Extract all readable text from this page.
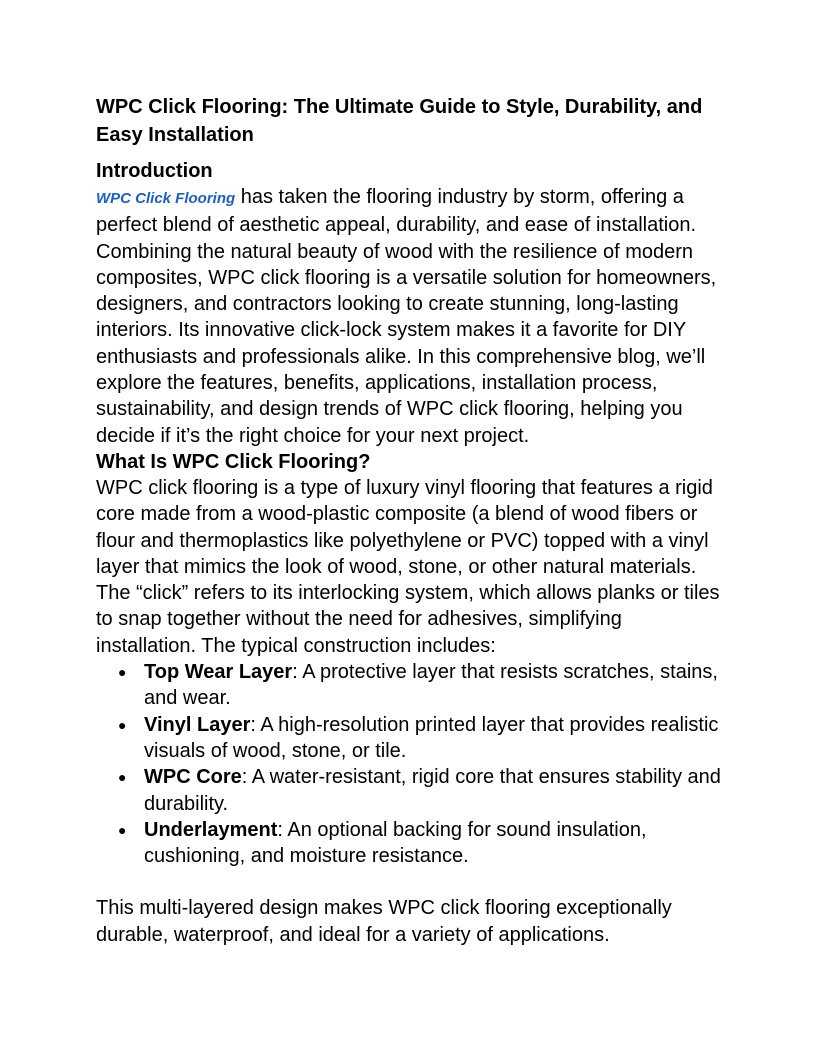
WPC Click Flooring: The Ultimate Guide to Style, Durability, and Easy Installation
Introduction

WPC Click Flooring has taken the flooring industry by storm, offering a perfect blend of aesthetic appeal, durability, and ease of installation. Combining the natural beauty of wood with the resilience of modern composites, WPC click flooring is a versatile solution for homeowners, designers, and contractors looking to create stunning, long-lasting interiors. Its innovative click-lock system makes it a favorite for DIY enthusiasts and professionals alike. In this comprehensive blog, we’ll explore the features, benefits, applications, installation process, sustainability, and design trends of WPC click flooring, helping you decide if it’s the right choice for your next project.

What Is WPC Click Flooring?

WPC click flooring is a type of luxury vinyl flooring that features a rigid core made from a wood-plastic composite (a blend of wood fibers or flour and thermoplastics like polyethylene or PVC) topped with a vinyl layer that mimics the look of wood, stone, or other natural materials. The “click” refers to its interlocking system, which allows planks or tiles to snap together without the need for adhesives, simplifying installation. The typical construction includes:

● Top Wear Layer: A protective layer that resists scratches, stains, and wear.
● Vinyl Layer: A high-resolution printed layer that provides realistic visuals of wood, stone, or tile.
● WPC Core: A water-resistant, rigid core that ensures stability and durability.
● Underlayment: An optional backing for sound insulation, cushioning, and moisture resistance.

This multi-layered design makes WPC click flooring exceptionally durable, waterproof, and ideal for a variety of applications.
